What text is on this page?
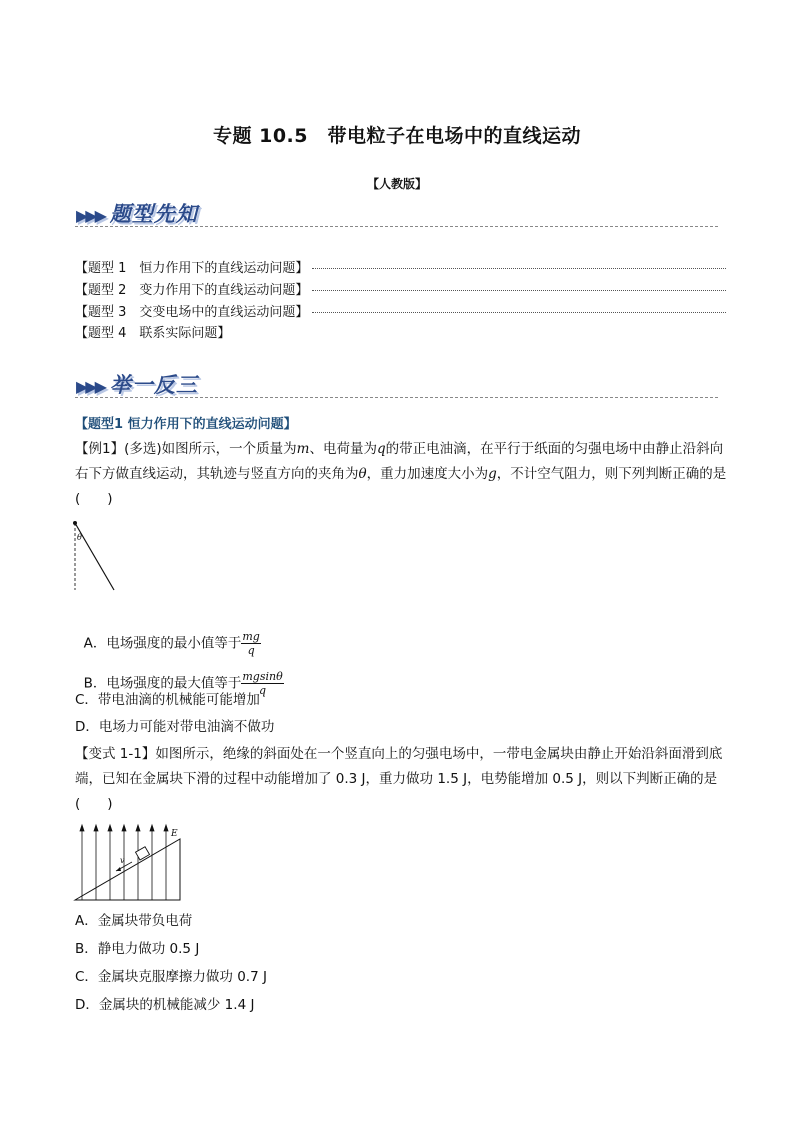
专题 10.5　带电粒子在电场中的直线运动
【人教版】
▶▶▶ 题型先知
【题型 1　恒力作用下的直线运动问题】
【题型 2　变力作用下的直线运动问题】
【题型 3　交变电场中的直线运动问题】
【题型 4　联系实际问题】
▶▶▶ 举一反三
【题型1 恒力作用下的直线运动问题】
【例1】(多选)如图所示，一个质量为m、电荷量为q的带正电油滴，在平行于纸面的匀强电场中由静止沿斜向右下方做直线运动，其轨迹与竖直方向的夹角为θ，重力加速度大小为g，不计空气阻力，则下列判断正确的是(　　)
θ

A．电场强度的最小值等于 $\frac{mg}{q}$

B．电场强度的最大值等于 $\frac{mgsin\theta}{q}$

C．带电油滴的机械能可能增加
D．电场力可能对带电油滴不做功
【变式 1-1】如图所示，绝缘的斜面处在一个竖直向上的匀强电场中，一带电金属块由静止开始沿斜面滑到底端，已知在金属块下滑的过程中动能增加了 0.3 J，重力做功 1.5 J，电势能增加 0.5 J，则以下判断正确的是(　　)
v
E
A．金属块带负电荷
B．静电力做功 0.5 J
C．金属块克服摩擦力做功 0.7 J
D．金属块的机械能减少 1.4 J
